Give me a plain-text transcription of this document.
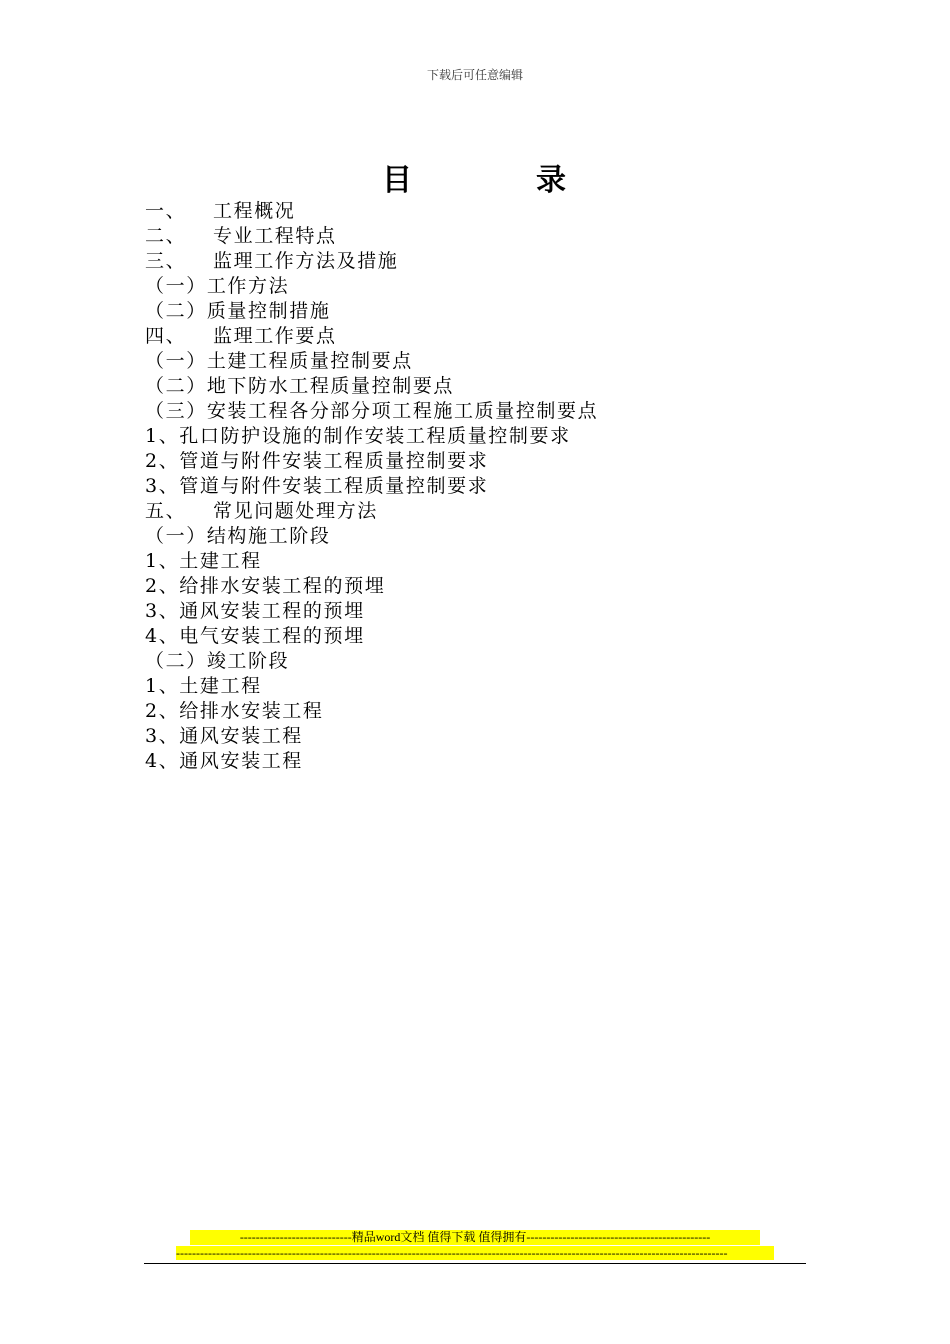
下载后可任意编辑
目	录
一、 工程概况
二、 专业工程特点
三、 监理工作方法及措施
（一）工作方法
（二）质量控制措施
四、 监理工作要点
（一）土建工程质量控制要点
（二）地下防水工程质量控制要点
（三）安装工程各分部分项工程施工质量控制要点
1、孔口防护设施的制作安装工程质量控制要求
2、管道与附件安装工程质量控制要求
3、管道与附件安装工程质量控制要求
五、 常见问题处理方法
（一）结构施工阶段
1、土建工程
2、给排水安装工程的预埋
3、通风安装工程的预埋
4、电气安装工程的预埋
（二）竣工阶段
1、土建工程
2、给排水安装工程
3、通风安装工程
4、通风安装工程
----------------------------精品word文档 值得下载 值得拥有----------------------------------------------
------------------------------------------------------------------------------------------------------------------------------------------
